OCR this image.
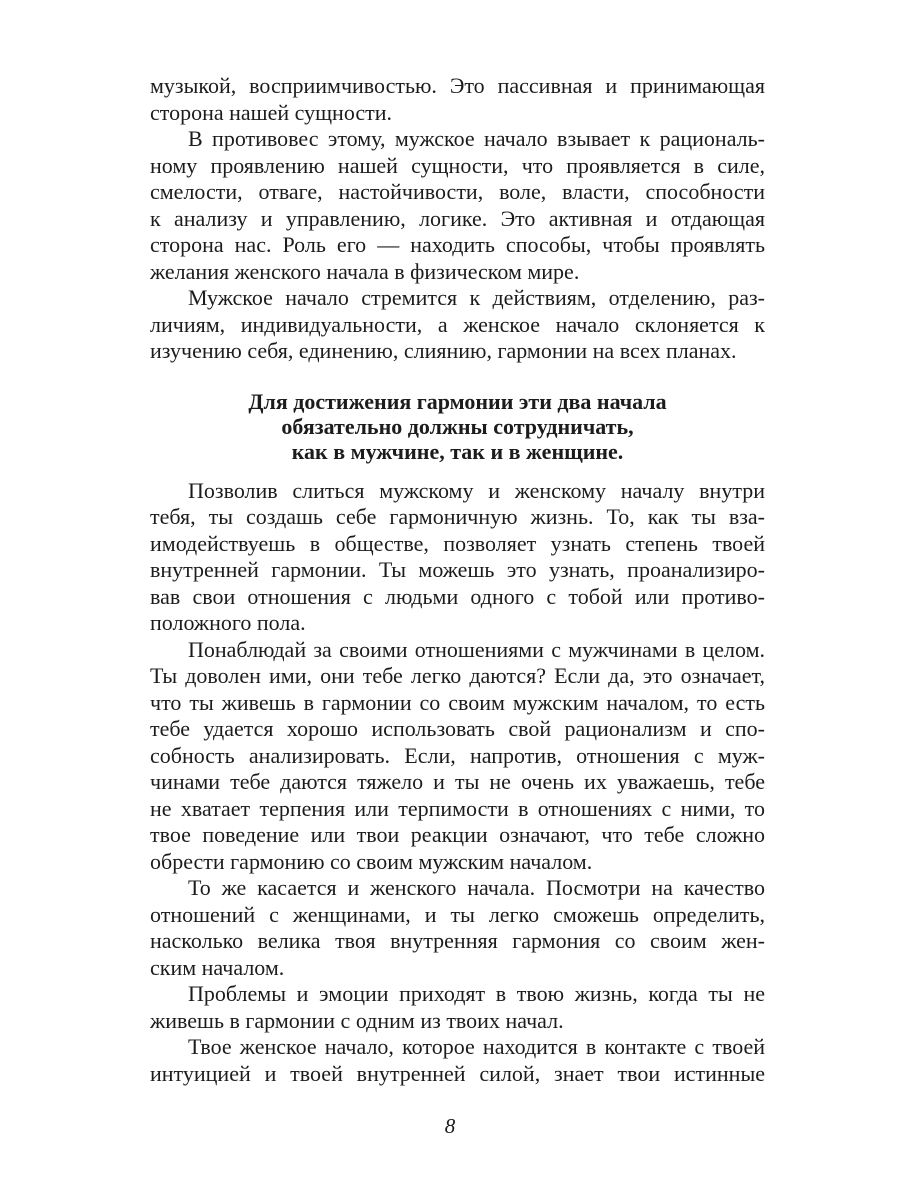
музыкой, восприимчивостью. Это пассивная и принимающая
сторона нашей сущности.
В противовес этому, мужское начало взывает к рациональ-
ному проявлению нашей сущности, что проявляется в силе,
смелости, отваге, настойчивости, воле, власти, способности
к анализу и управлению, логике. Это активная и отдающая
сторона нас. Роль его — находить способы, чтобы проявлять
желания женского начала в физическом мире.
Мужское начало стремится к действиям, отделению, раз-
личиям, индивидуальности, а женское начало склоняется к
изучению себя, единению, слиянию, гармонии на всех планах.
Для достижения гармонии эти два начала
обязательно должны сотрудничать,
как в мужчине, так и в женщине.
Позволив слиться мужскому и женскому началу внутри
тебя, ты создашь себе гармоничную жизнь. То, как ты вза-
имодействуешь в обществе, позволяет узнать степень твоей
внутренней гармонии. Ты можешь это узнать, проанализиро-
вав свои отношения с людьми одного с тобой или противо-
положного пола.
Понаблюдай за своими отношениями с мужчинами в целом.
Ты доволен ими, они тебе легко даются? Если да, это означает,
что ты живешь в гармонии со своим мужским началом, то есть
тебе удается хорошо использовать свой рационализм и спо-
собность анализировать. Если, напротив, отношения с муж-
чинами тебе даются тяжело и ты не очень их уважаешь, тебе
не хватает терпения или терпимости в отношениях с ними, то
твое поведение или твои реакции означают, что тебе сложно
обрести гармонию со своим мужским началом.
То же касается и женского начала. Посмотри на качество
отношений с женщинами, и ты легко сможешь определить,
насколько велика твоя внутренняя гармония со своим жен-
ским началом.
Проблемы и эмоции приходят в твою жизнь, когда ты не
живешь в гармонии с одним из твоих начал.
Твое женское начало, которое находится в контакте с твоей
интуицией и твоей внутренней силой, знает твои истинные
8
